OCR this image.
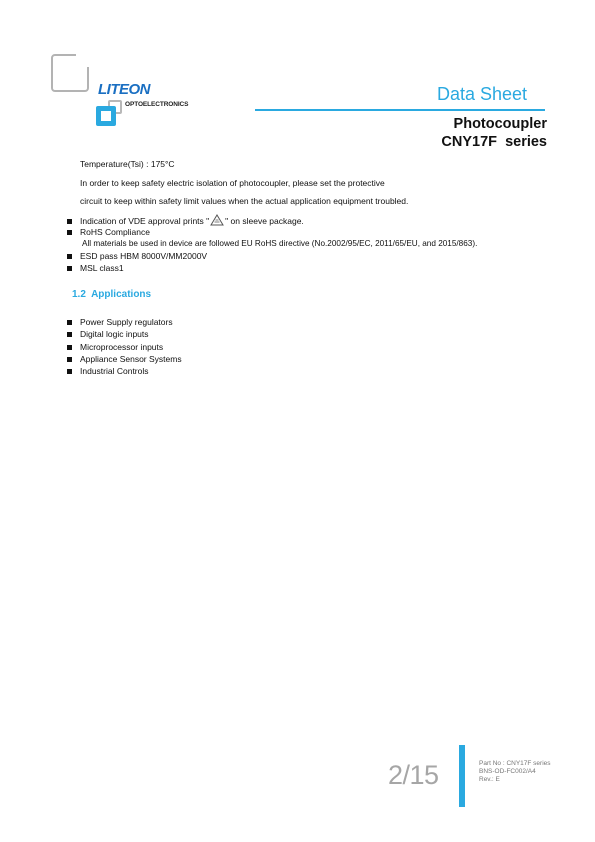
LITEON
OPTOELECTRONICS
Data Sheet
Photocoupler
CNY17F  series
Temperature(Tsi) : 175°C
In order to keep safety electric isolation of photocoupler, please set the protective
circuit to keep within safety limit values when the actual application equipment troubled.
Indication of VDE approval prints " " on sleeve package.
RoHS Compliance
All materials be used in device are followed EU RoHS directive (No.2002/95/EC, 2011/65/EU, and 2015/863).
ESD pass HBM 8000V/MM2000V
MSL class1
1.2  Applications
Power Supply regulators
Digital logic inputs
Microprocessor inputs
Appliance Sensor Systems
Industrial Controls
2/15	Part No : CNY17F series
BNS-OD-FC002/A4
Rev.: E
